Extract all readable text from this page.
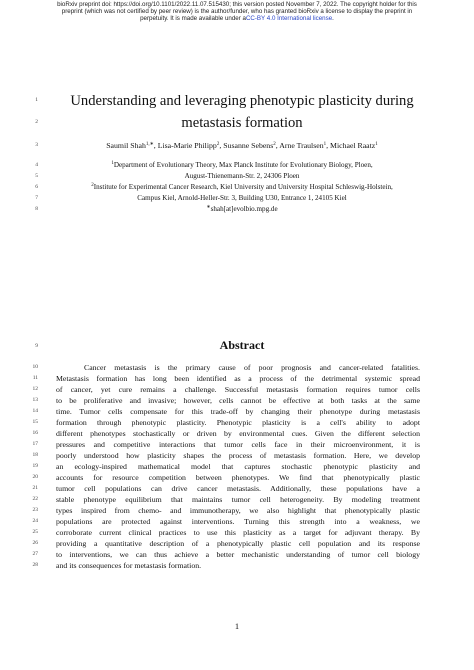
bioRxiv preprint doi: https://doi.org/10.1101/2022.11.07.515430; this version posted November 7, 2022. The copyright holder for this
preprint (which was not certified by peer review) is the author/funder, who has granted bioRxiv a license to display the preprint in
perpetuity. It is made available under aCC-BY 4.0 International license.
1
2
Understanding and leveraging phenotypic plasticity during
metastasis formation
3	Saumil Shah$^{1,∗}$, Lisa-Marie Philipp$^2$, Susanne Sebens$^2$, Arne Traulsen$^1$, Michael Raatz$^1$
4
5
6
7
8
$^1$Department of Evolutionary Theory, Max Planck Institute for Evolutionary Biology, Ploen,
August-Thienemann-Str. 2, 24306 Ploen
$^2$Institute for Experimental Cancer Research, Kiel University and University Hospital Schleswig-Holstein,
Campus Kiel, Arnold-Heller-Str. 3, Building U30, Entrance 1, 24105 Kiel
∗shah[at]evolbio.mpg.de
9	Abstract
10
11
12
13
14
15
16
17
18
19
20
21
22
23
24
25
26
27
28
Cancer metastasis is the primary cause of poor prognosis and cancer-related fatalities.
Metastasis formation has long been identified as a process of the detrimental systemic spread
of cancer, yet cure remains a challenge. Successful metastasis formation requires tumor cells
to be proliferative and invasive; however, cells cannot be effective at both tasks at the same
time. Tumor cells compensate for this trade-off by changing their phenotype during metastasis
formation through phenotypic plasticity. Phenotypic plasticity is a cell's ability to adopt
different phenotypes stochastically or driven by environmental cues. Given the different selection
pressures and competitive interactions that tumor cells face in their microenvironment, it is
poorly understood how plasticity shapes the process of metastasis formation. Here, we develop
an ecology-inspired mathematical model that captures stochastic phenotypic plasticity and
accounts for resource competition between phenotypes. We find that phenotypically plastic
tumor cell populations can drive cancer metastasis. Additionally, these populations have a
stable phenotype equilibrium that maintains tumor cell heterogeneity. By modeling treatment
types inspired from chemo- and immunotherapy, we also highlight that phenotypically plastic
populations are protected against interventions. Turning this strength into a weakness, we
corroborate current clinical practices to use this plasticity as a target for adjuvant therapy. By
providing a quantitative description of a phenotypically plastic cell population and its response
to interventions, we can thus achieve a better mechanistic understanding of tumor cell biology
and its consequences for metastasis formation.
1
